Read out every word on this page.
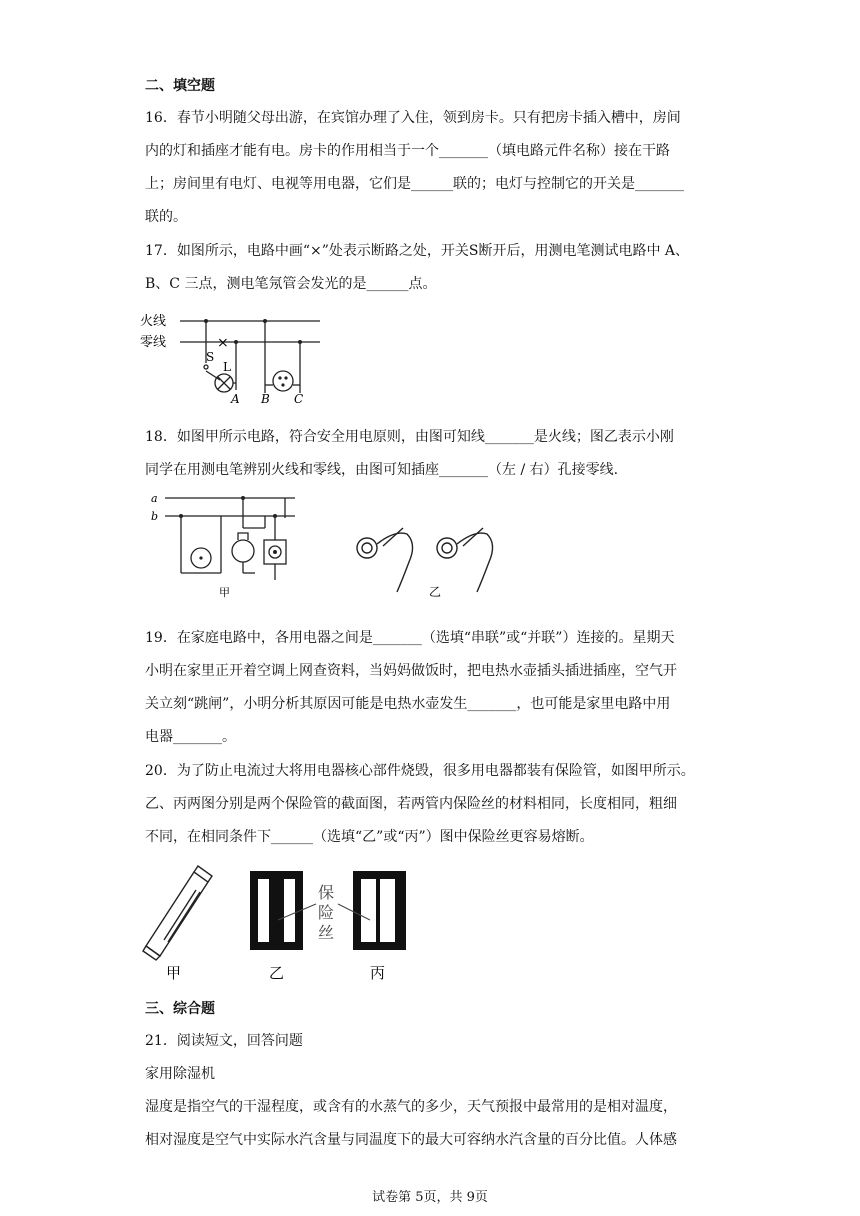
二、填空题
16．春节小明随父母出游，在宾馆办理了入住，领到房卡。只有把房卡插入槽中，房间
内的灯和插座才能有电。房卡的作用相当于一个_______（填电路元件名称）接在干路
上；房间里有电灯、电视等用电器，它们是______联的；电灯与控制它的开关是_______
联的。
17．如图所示，电路中画“×”处表示断路之处，开关S断开后，用测电笔测试电路中 A、
B、C 三点，测电笔氖管会发光的是______点。
火线
零线	×
S
L
A B C
18．如图甲所示电路，符合安全用电原则，由图可知线_______是火线；图乙表示小刚
同学在用测电笔辨别火线和零线，由图可知插座_______（左 / 右）孔接零线.
a
b
甲	乙
19．在家庭电路中，各用电器之间是_______（选填“串联”或“并联”）连接的。星期天
小明在家里正开着空调上网查资料，当妈妈做饭时，把电热水壶插头插进插座，空气开
关立刻“跳闸”，小明分析其原因可能是电热水壶发生_______，也可能是家里电路中用
电器_______。
20．为了防止电流过大将用电器核心部件烧毁，很多用电器都装有保险管，如图甲所示。
乙、丙两图分别是两个保险管的截面图，若两管内保险丝的材料相同，长度相同，粗细
不同，在相同条件下______（选填“乙”或“丙”）图中保险丝更容易熔断。
甲	乙	丙
保
险
丝
三、综合题
21．阅读短文，回答问题
家用除湿机
湿度是指空气的干湿程度，或含有的水蒸气的多少，天气预报中最常用的是相对温度，
相对湿度是空气中实际水汽含量与同温度下的最大可容纳水汽含量的百分比值。人体感
试卷第 5页，共 9页
